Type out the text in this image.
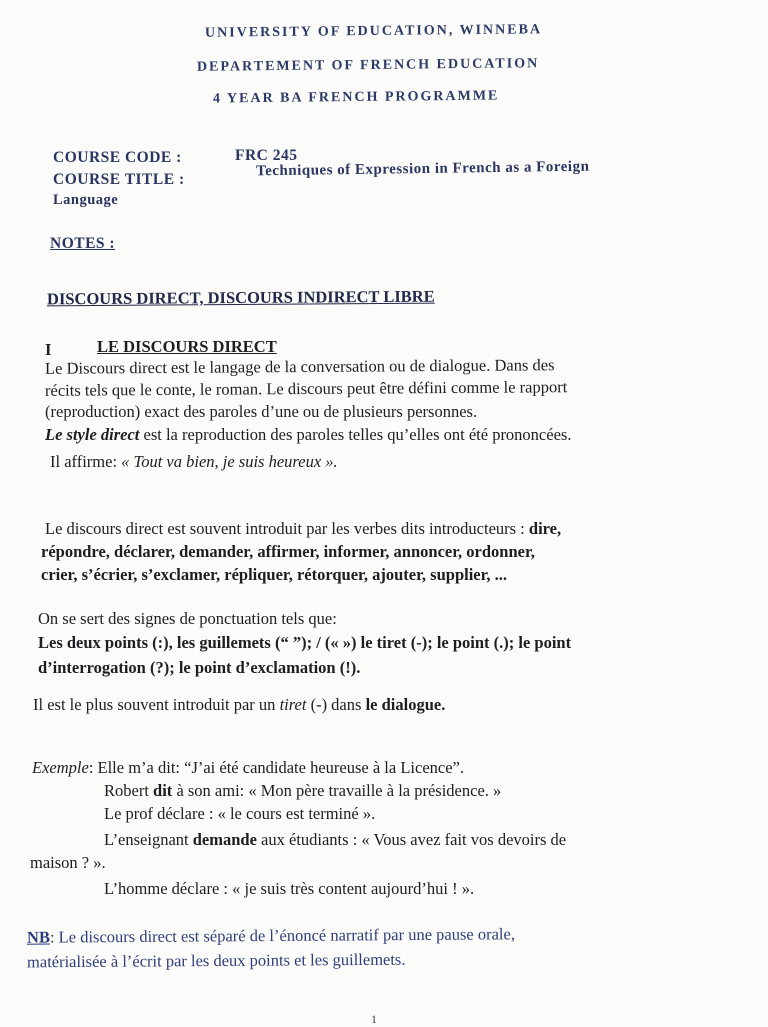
UNIVERSITY OF EDUCATION, WINNEBA
DEPARTEMENT OF FRENCH EDUCATION
4 YEAR BA FRENCH PROGRAMME
COURSE CODE :	FRC 245
COURSE TITLE :
Techniques of Expression in French as a Foreign
Language
NOTES :
DISCOURS DIRECT, DISCOURS INDIRECT LIBRE
I	LE DISCOURS DIRECT
Le Discours direct est le langage de la conversation ou de dialogue. Dans des
récits tels que le conte, le roman. Le discours peut être défini comme le rapport
(reproduction) exact des paroles d’une ou de plusieurs personnes.
Le style direct est la reproduction des paroles telles qu’elles ont été prononcées.
Il affirme: « Tout va bien, je suis heureux ».
Le discours direct est souvent introduit par les verbes dits introducteurs : dire,
répondre, déclarer, demander, affirmer, informer, annoncer, ordonner,
crier, s’écrier, s’exclamer, répliquer, rétorquer, ajouter, supplier, ...
On se sert des signes de ponctuation tels que:
Les deux points (:), les guillemets (“ ”); / (« ») le tiret (-); le point (.); le point
d’interrogation (?); le point d’exclamation (!).
Il est le plus souvent introduit par un tiret (-) dans le dialogue.
Exemple: Elle m’a dit: “J’ai été candidate heureuse à la Licence”.
Robert dit à son ami: « Mon père travaille à la présidence. »
Le prof déclare : « le cours est terminé ».
L’enseignant demande aux étudiants : « Vous avez fait vos devoirs de
maison ? ».
L’homme déclare : « je suis très content aujourd’hui ! ».
NB: Le discours direct est séparé de l’énoncé narratif par une pause orale,
matérialisée à l’écrit par les deux points et les guillemets.
1
